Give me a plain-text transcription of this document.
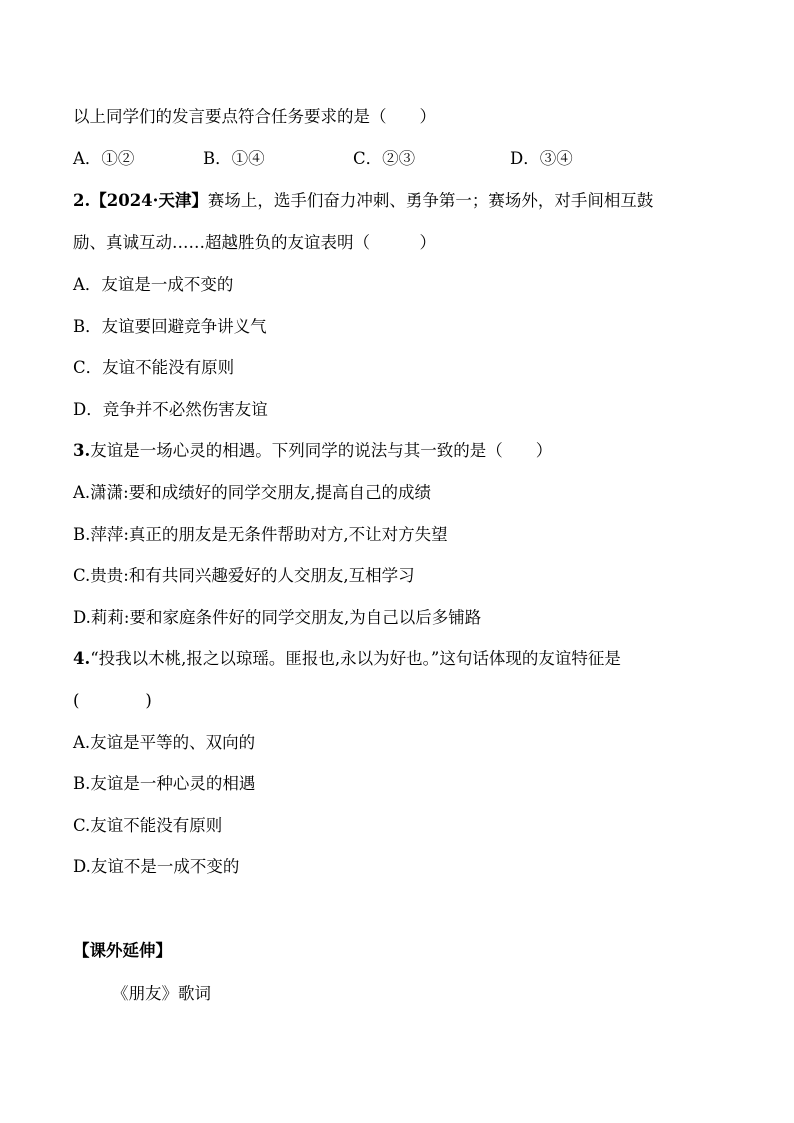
以上同学们的发言要点符合任务要求的是（　　）
A．①②	B．①④	C．②③	D．③④
2.【2024·天津】赛场上，选手们奋力冲刺、勇争第一；赛场外，对手间相互鼓
励、真诚互动……超越胜负的友谊表明（　　　）
A．友谊是一成不变的
B．友谊要回避竞争讲义气
C．友谊不能没有原则
D．竞争并不必然伤害友谊
3.友谊是一场心灵的相遇。下列同学的说法与其一致的是（　　）
A.潇潇:要和成绩好的同学交朋友,提高自己的成绩
B.萍萍:真正的朋友是无条件帮助对方,不让对方失望
C.贵贵:和有共同兴趣爱好的人交朋友,互相学习
D.莉莉:要和家庭条件好的同学交朋友,为自己以后多铺路
4.“投我以木桃,报之以琼瑶。匪报也,永以为好也。”这句话体现的友谊特征是
(　　　　)
A.友谊是平等的、双向的
B.友谊是一种心灵的相遇
C.友谊不能没有原则
D.友谊不是一成不变的
【课外延伸】
《朋友》歌词
